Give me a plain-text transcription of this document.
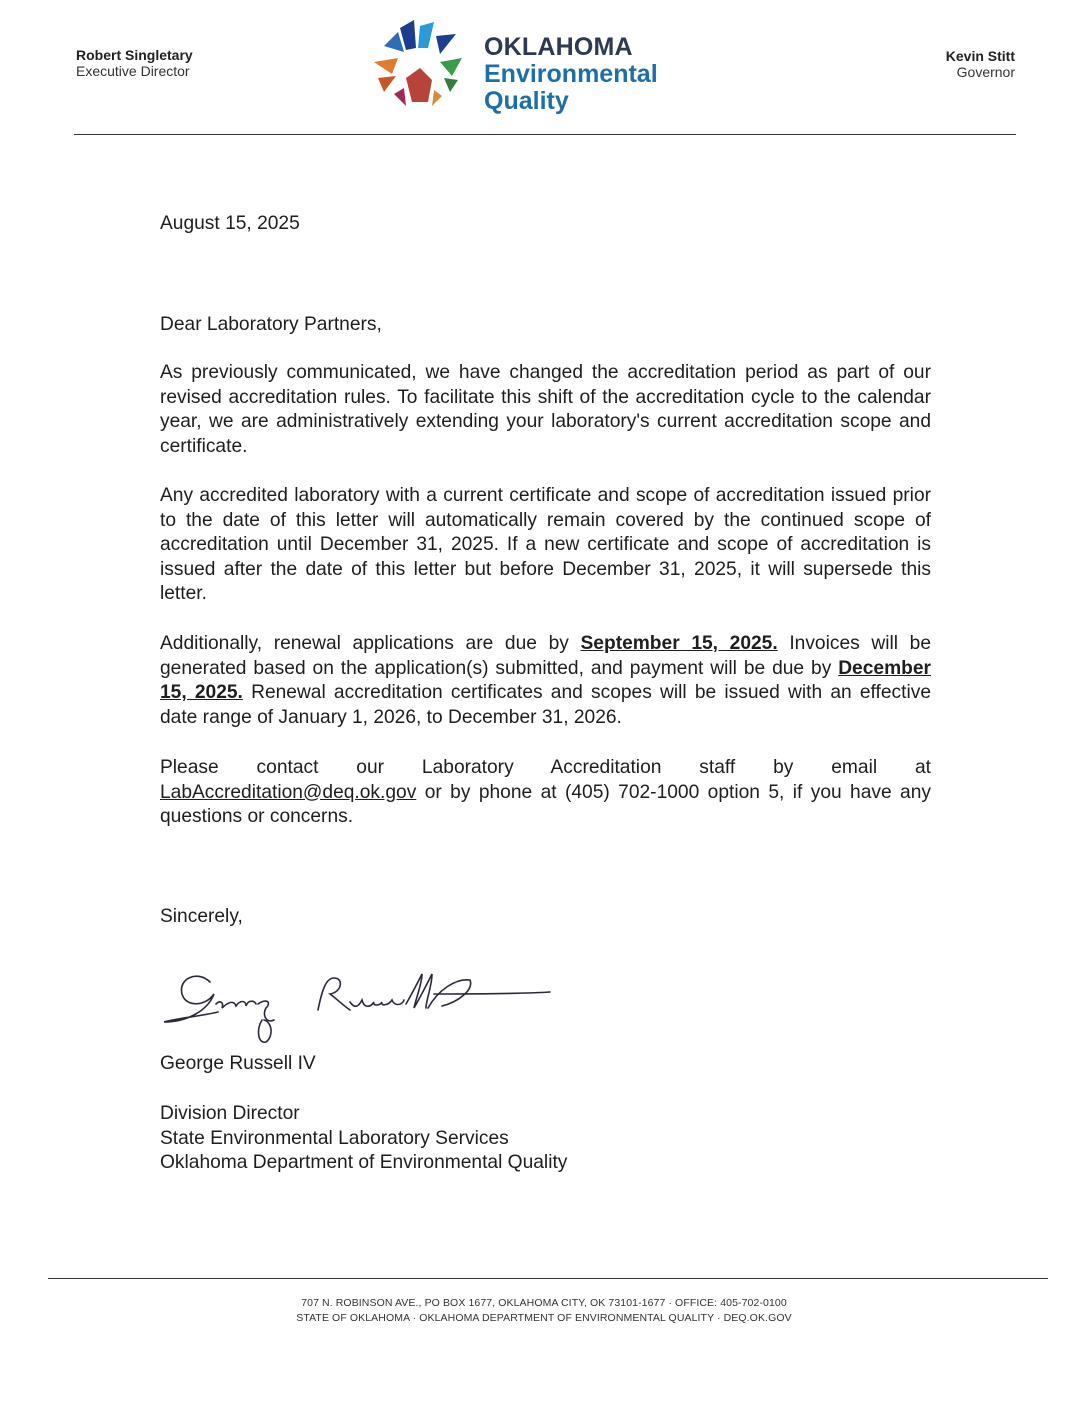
Robert Singletary
Executive Director
OKLAHOMA
Environmental
Quality
Kevin Stitt
Governor
August 15, 2025
Dear Laboratory Partners,
As previously communicated, we have changed the accreditation period as part of our revised accreditation rules. To facilitate this shift of the accreditation cycle to the calendar year, we are administratively extending your laboratory's current accreditation scope and certificate.
Any accredited laboratory with a current certificate and scope of accreditation issued prior to the date of this letter will automatically remain covered by the continued scope of accreditation until December 31, 2025. If a new certificate and scope of accreditation is issued after the date of this letter but before December 31, 2025, it will supersede this letter.
Additionally, renewal applications are due by September 15, 2025. Invoices will be generated based on the application(s) submitted, and payment will be due by December 15, 2025. Renewal accreditation certificates and scopes will be issued with an effective date range of January 1, 2026, to December 31, 2026.
Please contact our Laboratory Accreditation staff by email at LabAccreditation@deq.ok.gov or by phone at (405) 702-1000 option 5, if you have any questions or concerns.
Sincerely,
George Russell IV
Division Director
State Environmental Laboratory Services
Oklahoma Department of Environmental Quality
707 N. ROBINSON AVE., PO BOX 1677, OKLAHOMA CITY, OK 73101-1677 · OFFICE: 405-702-0100
STATE OF OKLAHOMA · OKLAHOMA DEPARTMENT OF ENVIRONMENTAL QUALITY · DEQ.OK.GOV
